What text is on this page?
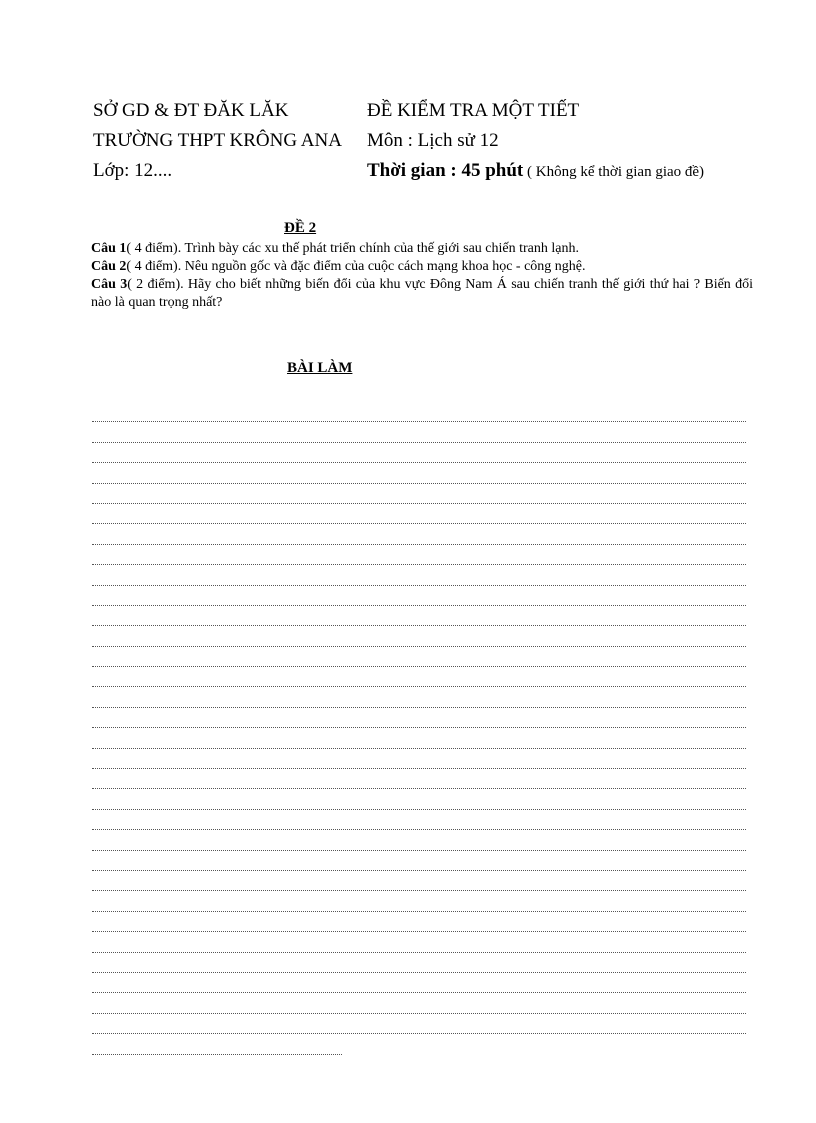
SỞ GD & ĐT ĐĂK LĂK
TRƯỜNG THPT KRÔNG ANA
Lớp: 12....
ĐỀ KIỂM TRA MỘT TIẾT
Môn : Lịch sử 12
Thời gian : 45 phút ( Không kể thời gian giao đề)
ĐỀ 2
Câu 1( 4 điểm). Trình bày các xu thế phát triển chính của thế giới sau chiến tranh lạnh.
Câu 2( 4 điểm). Nêu nguồn gốc và đặc điểm của cuộc cách mạng khoa học - công nghệ.
Câu 3( 2 điểm). Hãy cho biết những biến đổi của khu vực Đông Nam Á sau chiến tranh thế giới thứ hai ? Biến đổi nào là quan trọng nhất?
BÀI LÀM
